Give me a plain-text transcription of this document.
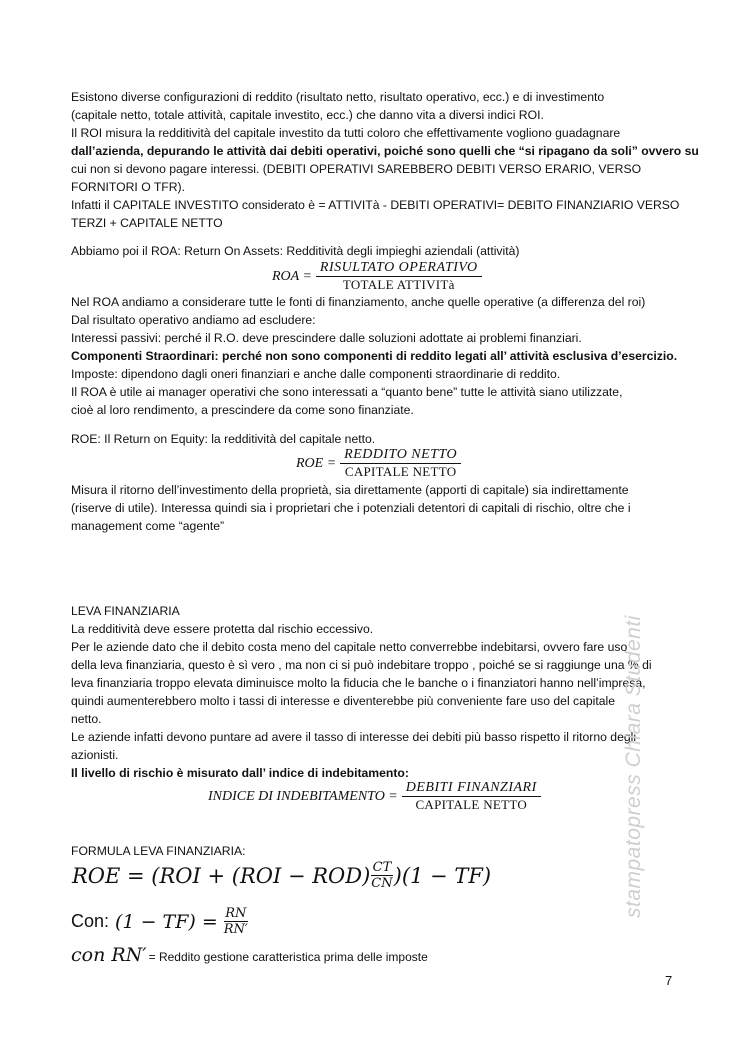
Esistono diverse configurazioni di reddito (risultato netto, risultato operativo, ecc.) e di investimento
(capitale netto, totale attività, capitale investito, ecc.) che danno vita a diversi indici ROI.
Il ROI misura la redditività del capitale investito da tutti coloro che effettivamente vogliono guadagnare
dall’azienda, depurando le attività dai debiti operativi, poiché sono quelli che “si ripagano da soli” ovvero su
cui non si devono pagare interessi. (DEBITI OPERATIVI SAREBBERO DEBITI VERSO ERARIO, VERSO
FORNITORI O TFR).
Infatti il CAPITALE INVESTITO considerato è = ATTIVITà - DEBITI OPERATIVI= DEBITO FINANZIARIO VERSO
TERZI + CAPITALE NETTO
Abbiamo poi il ROA: Return On Assets: Redditività degli impieghi aziendali (attività)
ROA = $\frac{\text{RISULTATO OPERATIVO}}{\text{TOTALE ATTIVITà}}$
Nel ROA andiamo a considerare tutte le fonti di finanziamento, anche quelle operative (a differenza del roi)
Dal risultato operativo andiamo ad escludere:
Interessi passivi: perché il R.O. deve prescindere dalle soluzioni adottate ai problemi finanziari.
Componenti Straordinari: perché non sono componenti di reddito legati all’ attività esclusiva d’esercizio.
Imposte: dipendono dagli oneri finanziari e anche dalle componenti straordinarie di reddito.
Il ROA è utile ai manager operativi che sono interessati a “quanto bene” tutte le attività siano utilizzate,
cioè al loro rendimento, a prescindere da come sono finanziate.
ROE: Il Return on Equity: la redditività del capitale netto.
ROE = $\frac{\text{REDDITO NETTO}}{\text{CAPITALE NETTO}}$
Misura il ritorno dell’investimento della proprietà, sia direttamente (apporti di capitale) sia indirettamente
(riserve di utile). Interessa quindi sia i proprietari che i potenziali detentori di capitali di rischio, oltre che i
management come “agente”
LEVA FINANZIARIA
La redditività deve essere protetta dal rischio eccessivo.
Per le aziende dato che il debito costa meno del capitale netto converrebbe indebitarsi, ovvero fare uso
della leva finanziaria, questo è sì vero , ma non ci si può indebitare troppo , poiché se si raggiunge una % di
leva finanziaria troppo elevata diminuisce molto la fiducia che le banche o i finanziatori hanno nell’impresa,
quindi aumenterebbero molto i tassi di interesse e diventerebbe più conveniente fare uso del capitale
netto.
Le aziende infatti devono puntare ad avere il tasso di interesse dei debiti più basso rispetto il ritorno degli
azionisti.
Il livello di rischio è misurato dall’ indice di indebitamento:
INDICE DI INDEBITAMENTO = $\frac{\text{DEBITI FINANZIARI}}{\text{CAPITALE NETTO}}$
FORMULA LEVA FINANZIARIA:
ROE = (ROI + (ROI − ROD) CT
CN )(1 − TF)
Con: (1 − TF) = RN
RN′
con RN′ = Reddito gestione caratteristica prima delle imposte
stampatopress Chiara Studenti
7
